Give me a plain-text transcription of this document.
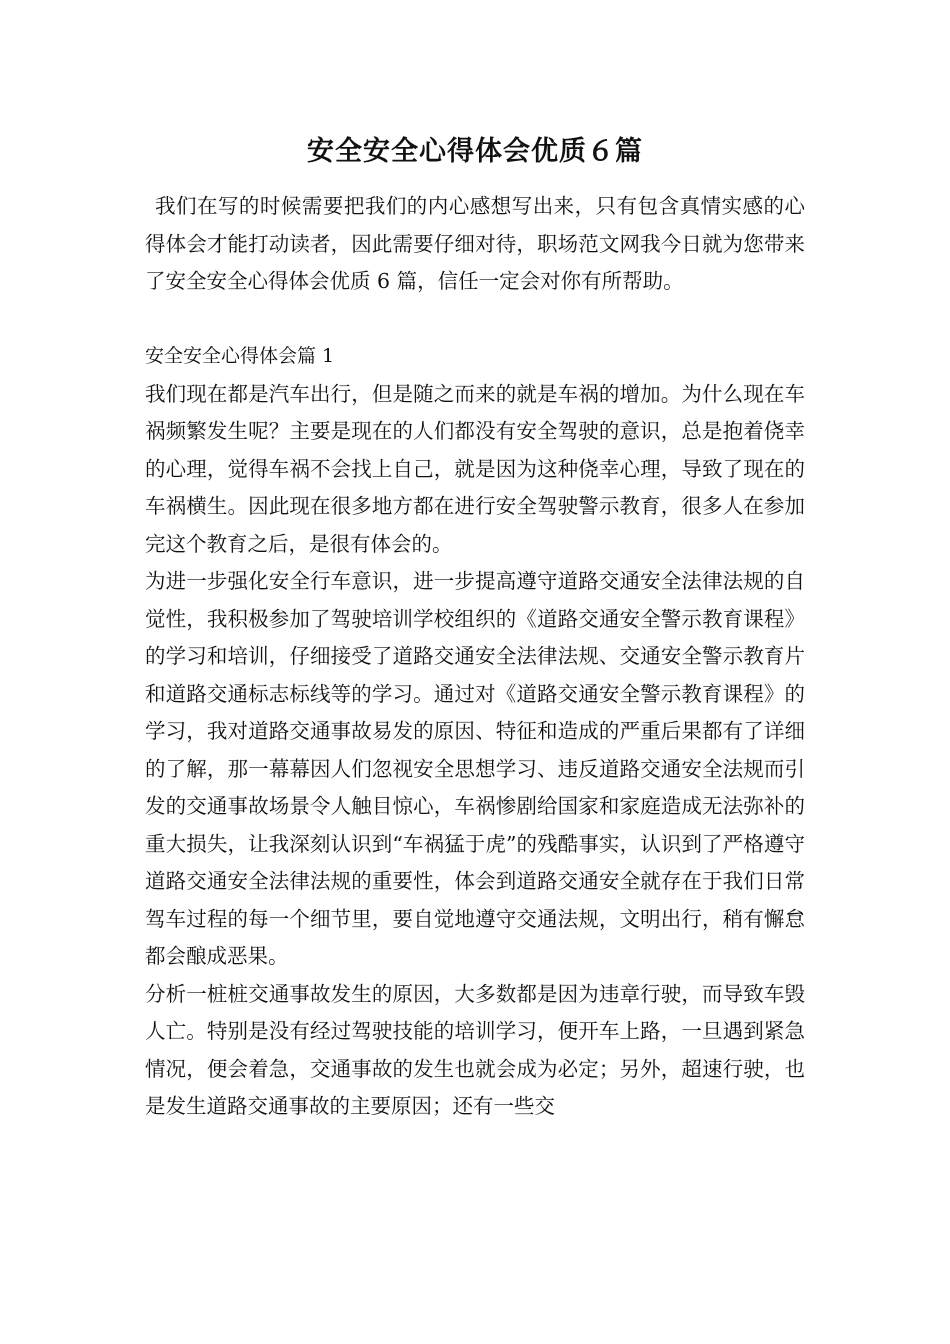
安全安全心得体会优质６篇

我们在写的时候需要把我们的内心感想写出来，只有包含真情实感的心得体会才能打动读者，因此需要仔细对待，职场范文网我今日就为您带来了安全安全心得体会优质 6 篇，信任一定会对你有所帮助。

安全安全心得体会篇 1

我们现在都是汽车出行，但是随之而来的就是车祸的增加。为什么现在车祸频繁发生呢？主要是现在的人们都没有安全驾驶的意识，总是抱着侥幸的心理，觉得车祸不会找上自己，就是因为这种侥幸心理，导致了现在的车祸横生。因此现在很多地方都在进行安全驾驶警示教育，很多人在参加完这个教育之后，是很有体会的。

为进一步强化安全行车意识，进一步提高遵守道路交通安全法律法规的自觉性，我积极参加了驾驶培训学校组织的《道路交通安全警示教育课程》的学习和培训，仔细接受了道路交通安全法律法规、交通安全警示教育片和道路交通标志标线等的学习。通过对《道路交通安全警示教育课程》的学习，我对道路交通事故易发的原因、特征和造成的严重后果都有了详细的了解，那一幕幕因人们忽视安全思想学习、违反道路交通安全法规而引发的交通事故场景令人触目惊心，车祸惨剧给国家和家庭造成无法弥补的重大损失，让我深刻认识到“车祸猛于虎”的残酷事实，认识到了严格遵守道路交通安全法律法规的重要性，体会到道路交通安全就存在于我们日常驾车过程的每一个细节里，要自觉地遵守交通法规，文明出行，稍有懈怠都会酿成恶果。

分析一桩桩交通事故发生的原因，大多数都是因为违章行驶，而导致车毁人亡。特别是没有经过驾驶技能的培训学习，便开车上路，一旦遇到紧急情况，便会着急，交通事故的发生也就会成为必定；另外，超速行驶，也是发生道路交通事故的主要原因；还有一些交
